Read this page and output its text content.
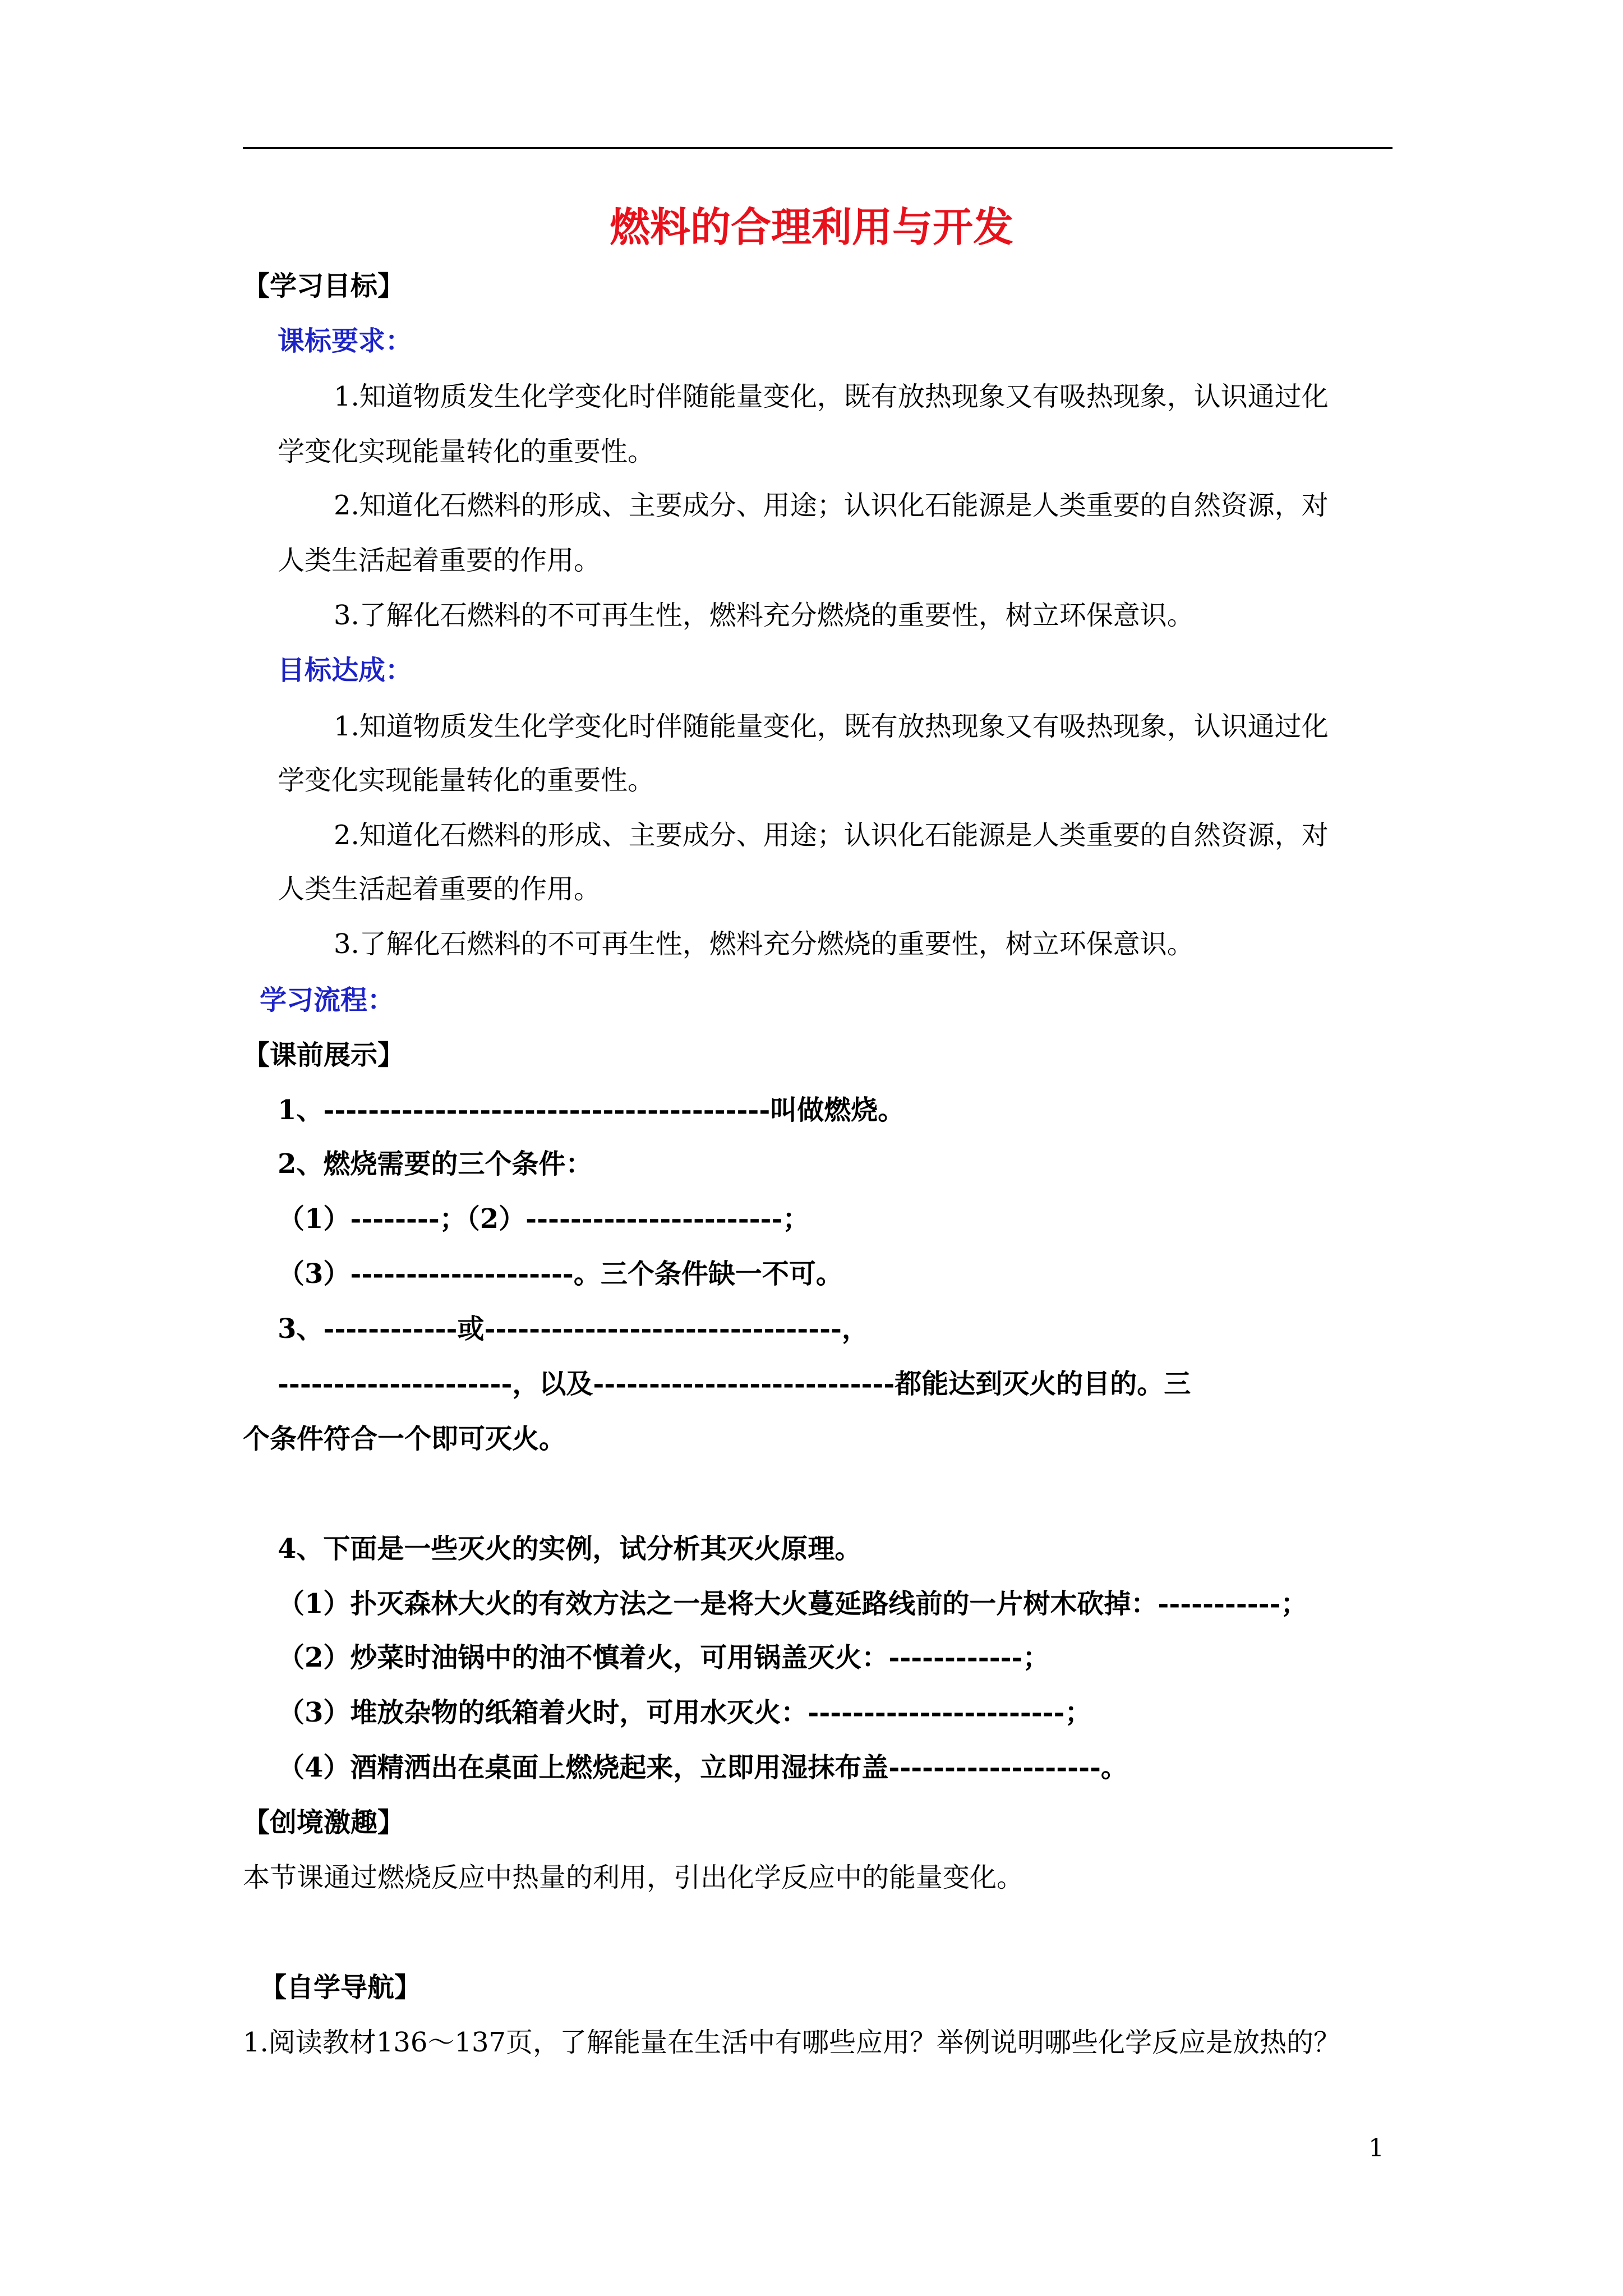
燃料的合理利用与开发
【学习目标】
课标要求：
1.知道物质发生化学变化时伴随能量变化，既有放热现象又有吸热现象，认识通过化
学变化实现能量转化的重要性。
2.知道化石燃料的形成、主要成分、用途；认识化石能源是人类重要的自然资源，对
人类生活起着重要的作用。
3.了解化石燃料的不可再生性，燃料充分燃烧的重要性，树立环保意识。
目标达成：
1.知道物质发生化学变化时伴随能量变化，既有放热现象又有吸热现象，认识通过化
学变化实现能量转化的重要性。
2.知道化石燃料的形成、主要成分、用途；认识化石能源是人类重要的自然资源，对
人类生活起着重要的作用。
3.了解化石燃料的不可再生性，燃料充分燃烧的重要性，树立环保意识。
学习流程：
【课前展示】
1、----------------------------------------叫做燃烧。
2、燃烧需要的三个条件：
（1）--------；（2）-----------------------；
（3）--------------------。三个条件缺一不可。
3、------------或--------------------------------，
---------------------，以及---------------------------都能达到灭火的目的。三
个条件符合一个即可灭火。
4、下面是一些灭火的实例，试分析其灭火原理。
（1）扑灭森林大火的有效方法之一是将大火蔓延路线前的一片树木砍掉：-----------；
（2）炒菜时油锅中的油不慎着火，可用锅盖灭火：------------；
（3）堆放杂物的纸箱着火时，可用水灭火：-----------------------；
（4）酒精洒出在桌面上燃烧起来，立即用湿抹布盖-------------------。
【创境激趣】
本节课通过燃烧反应中热量的利用，引出化学反应中的能量变化。
【自学导航】
1.阅读教材136～137页，了解能量在生活中有哪些应用？举例说明哪些化学反应是放热的？
1
